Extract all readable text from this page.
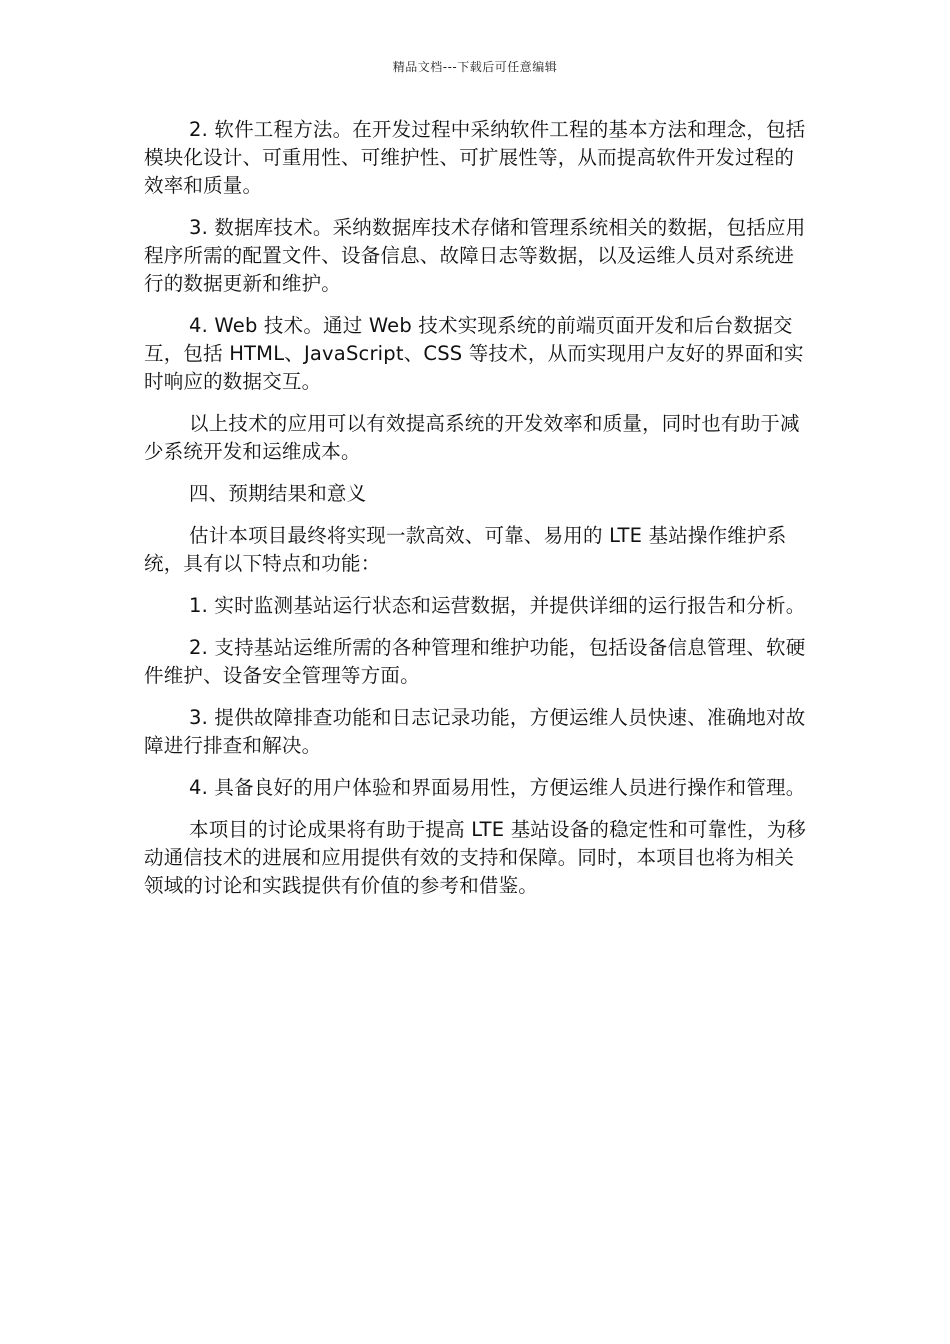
精品文档---下载后可任意编辑

2. 软件工程方法。在开发过程中采纳软件工程的基本方法和理念，包括模块化设计、可重用性、可维护性、可扩展性等，从而提高软件开发过程的效率和质量。

3. 数据库技术。采纳数据库技术存储和管理系统相关的数据，包括应用程序所需的配置文件、设备信息、故障日志等数据，以及运维人员对系统进行的数据更新和维护。

4. Web 技术。通过 Web 技术实现系统的前端页面开发和后台数据交互，包括 HTML、JavaScript、CSS 等技术，从而实现用户友好的界面和实时响应的数据交互。

以上技术的应用可以有效提高系统的开发效率和质量，同时也有助于减少系统开发和运维成本。

四、预期结果和意义

估计本项目最终将实现一款高效、可靠、易用的 LTE 基站操作维护系统，具有以下特点和功能：

1. 实时监测基站运行状态和运营数据，并提供详细的运行报告和分析。

2. 支持基站运维所需的各种管理和维护功能，包括设备信息管理、软硬件维护、设备安全管理等方面。

3. 提供故障排查功能和日志记录功能，方便运维人员快速、准确地对故障进行排查和解决。

4. 具备良好的用户体验和界面易用性，方便运维人员进行操作和管理。

本项目的讨论成果将有助于提高 LTE 基站设备的稳定性和可靠性，为移动通信技术的进展和应用提供有效的支持和保障。同时，本项目也将为相关领域的讨论和实践提供有价值的参考和借鉴。
